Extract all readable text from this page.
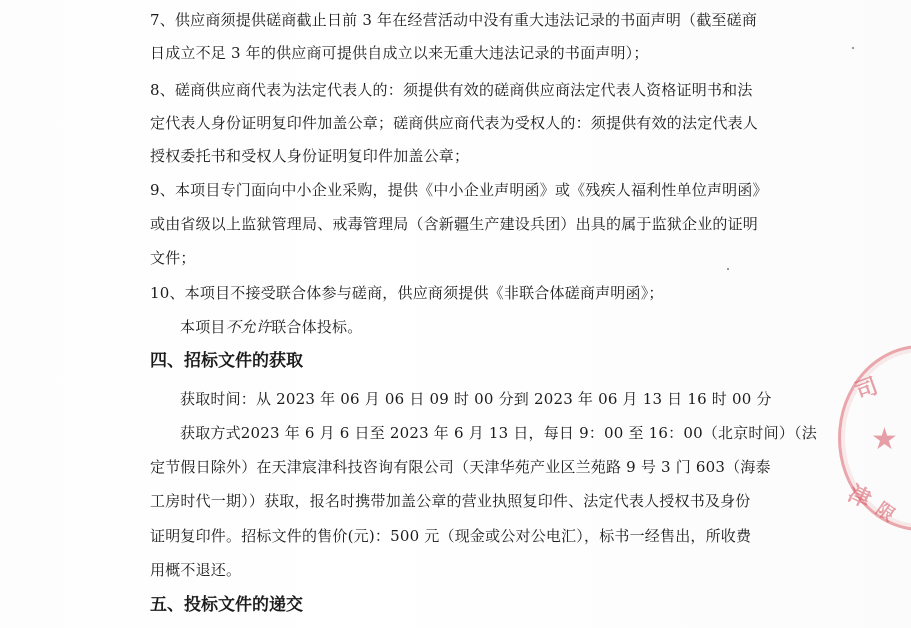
7、供应商须提供磋商截止日前 3 年在经营活动中没有重大违法记录的书面声明（截至磋商
日成立不足 3 年的供应商可提供自成立以来无重大违法记录的书面声明）；
8、磋商供应商代表为法定代表人的：须提供有效的磋商供应商法定代表人资格证明书和法
定代表人身份证明复印件加盖公章；磋商供应商代表为受权人的：须提供有效的法定代表人
授权委托书和受权人身份证明复印件加盖公章；
9、本项目专门面向中小企业采购，提供《中小企业声明函》或《残疾人福利性单位声明函》
或由省级以上监狱管理局、戒毒管理局（含新疆生产建设兵团）出具的属于监狱企业的证明
文件；
10、本项目不接受联合体参与磋商，供应商须提供《非联合体磋商声明函》；
本项目不允许联合体投标。
四、招标文件的获取
获取时间：从 2023 年 06 月 06 日 09 时 00 分到 2023 年 06 月 13 日 16 时 00 分
获取方式2023 年 6 月 6 日至 2023 年 6 月 13 日，每日 9：00 至 16：00（北京时间）（法
定节假日除外）在天津宸津科技咨询有限公司（天津华苑产业区兰苑路 9 号 3 门 603（海泰
工房时代一期））获取，报名时携带加盖公章的营业执照复印件、法定代表人授权书及身份
证明复印件。招标文件的售价(元)：500 元（现金或公对公电汇），标书一经售出，所收费
用概不退还。
五、投标文件的递交
司
★
津
限
